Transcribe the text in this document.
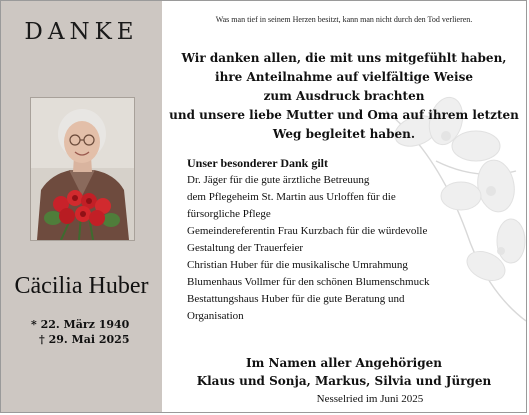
DANKE
Cäcilia Huber
* 22. März 1940
† 29. Mai 2025
Was man tief in seinem Herzen besitzt, kann man nicht durch den Tod verlieren.
Wir danken allen, die mit uns mitgefühlt haben,
ihre Anteilnahme auf vielfältige Weise
zum Ausdruck brachten
und unsere liebe Mutter und Oma auf ihrem letzten
Weg begleitet haben.
Unser besonderer Dank gilt
Dr. Jäger für die gute ärztliche Betreuung
dem Pflegeheim St. Martin aus Urloffen für die
fürsorgliche Pflege
Gemeindereferentin Frau Kurzbach für die würdevolle
Gestaltung der Trauerfeier
Christian Huber für die musikalische Umrahmung
Blumenhaus Vollmer für den schönen Blumenschmuck
Bestattungshaus Huber für die gute Beratung und
Organisation
Im Namen aller Angehörigen
Klaus und Sonja, Markus, Silvia und Jürgen
Nesselried im Juni 2025
